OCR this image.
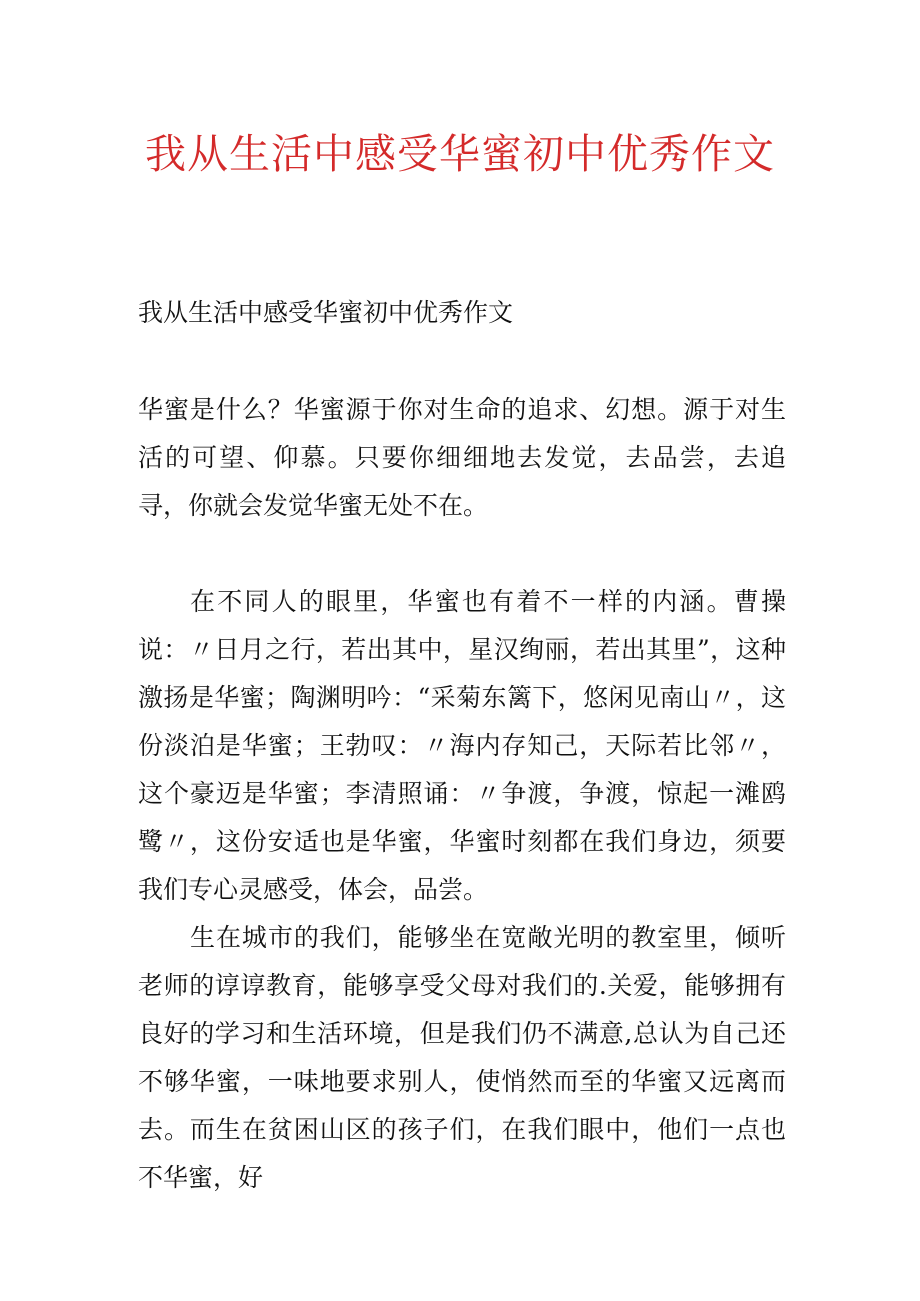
我从生活中感受华蜜初中优秀作文

我从生活中感受华蜜初中优秀作文

华蜜是什么？华蜜源于你对生命的追求、幻想。源于对生活的可望、仰慕。只要你细细地去发觉，去品尝，去追寻，你就会发觉华蜜无处不在。

在不同人的眼里，华蜜也有着不一样的内涵。曹操说：〃日月之行，若出其中，星汉绚丽，若出其里”，这种激扬是华蜜；陶渊明吟：“采菊东篱下，悠闲见南山〃，这份淡泊是华蜜；王勃叹：〃海内存知己，天际若比邻〃，这个豪迈是华蜜；李清照诵：〃争渡，争渡，惊起一滩鸥鹭〃，这份安适也是华蜜，华蜜时刻都在我们身边，须要我们专心灵感受，体会，品尝。

生在城市的我们，能够坐在宽敞光明的教室里，倾听老师的谆谆教育，能够享受父母对我们的.关爱，能够拥有良好的学习和生活环境，但是我们仍不满意,总认为自己还不够华蜜，一味地要求别人，使悄然而至的华蜜又远离而去。而生在贫困山区的孩子们，在我们眼中，他们一点也不华蜜，好
